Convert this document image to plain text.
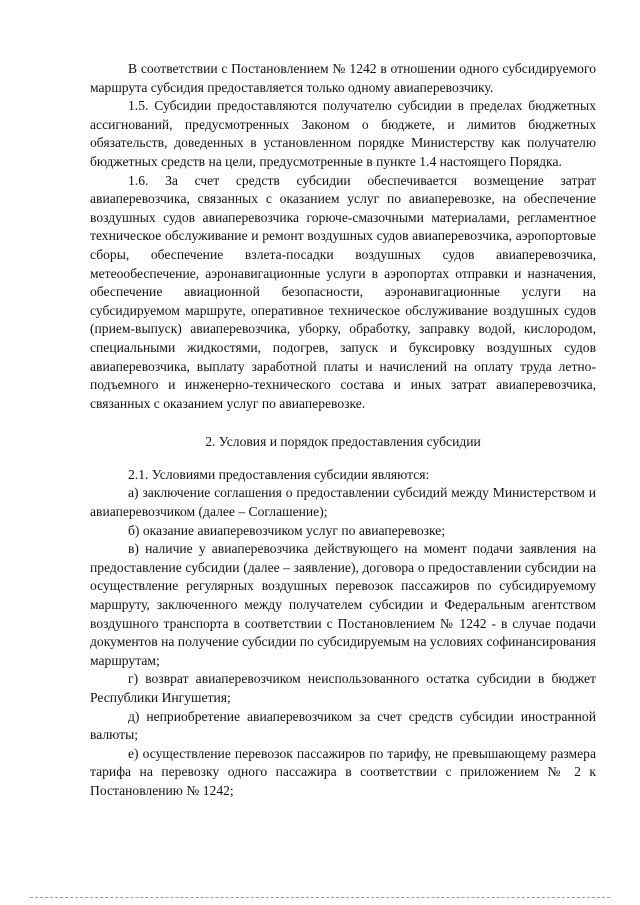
В соответствии с Постановлением № 1242 в отношении одного субсидируемого маршрута субсидия предоставляется только одному авиаперевозчику.

1.5. Субсидии предоставляются получателю субсидии в пределах бюджетных ассигнований, предусмотренных Законом о бюджете, и лимитов бюджетных обязательств, доведенных в установленном порядке Министерству как получателю бюджетных средств на цели, предусмотренные в пункте 1.4 настоящего Порядка.

1.6. За счет средств субсидии обеспечивается возмещение затрат авиаперевозчика, связанных с оказанием услуг по авиаперевозке, на обеспечение воздушных судов авиаперевозчика горюче-смазочными материалами, регламентное техническое обслуживание и ремонт воздушных судов авиаперевозчика, аэропортовые сборы, обеспечение взлета-посадки воздушных судов авиаперевозчика, метеообеспечение, аэронавигационные услуги в аэропортах отправки и назначения, обеспечение авиационной безопасности, аэронавигационные услуги на субсидируемом маршруте, оперативное техническое обслуживание воздушных судов (прием-выпуск) авиаперевозчика, уборку, обработку, заправку водой, кислородом, специальными жидкостями, подогрев, запуск и буксировку воздушных судов авиаперевозчика, выплату заработной платы и начислений на оплату труда летно-подъемного и инженерно-технического состава и иных затрат авиаперевозчика, связанных с оказанием услуг по авиаперевозке.

2. Условия и порядок предоставления субсидии

2.1. Условиями предоставления субсидии являются:

а) заключение соглашения о предоставлении субсидий между Министерством и авиаперевозчиком (далее – Соглашение);

б) оказание авиаперевозчиком услуг по авиаперевозке;

в) наличие у авиаперевозчика действующего на момент подачи заявления на предоставление субсидии (далее – заявление), договора о предоставлении субсидии на осуществление регулярных воздушных перевозок пассажиров по субсидируемому маршруту, заключенного между получателем субсидии и Федеральным агентством воздушного транспорта в соответствии с Постановлением № 1242 - в случае подачи документов на получение субсидии по субсидируемым на условиях софинансирования маршрутам;

г) возврат авиаперевозчиком неиспользованного остатка субсидии в бюджет Республики Ингушетия;

д) неприобретение авиаперевозчиком за счет средств субсидии иностранной валюты;

е) осуществление перевозок пассажиров по тарифу, не превышающему размера тарифа на перевозку одного пассажира в соответствии с приложением № 2 к Постановлению № 1242;
